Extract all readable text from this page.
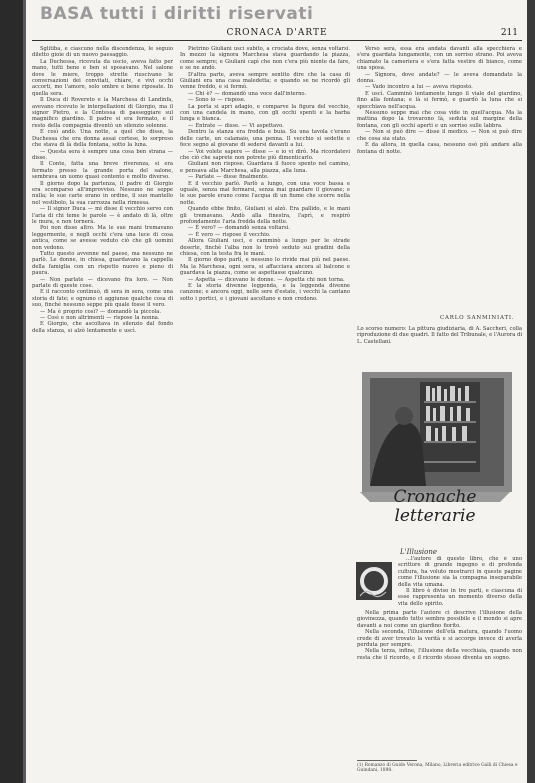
BASA tutti i diritti riservati
CRONACA D'ARTE	211

Sglitiba, e ciascuno nella discendenza, le seguìo diletto gioie di un nuovo paesaggio.

La Duchessa, ricevuta da uscio, aveva fatto per mano, tutti bene e ben si sposavano. Nel salone dove le miere, troppo strette riuscivano le conversazioni dei convitati, chiare, e vivi occhi accorti, mo l'amore, solo ombre e bene riposate. In quella sera.

Il Duca di Rovereto e la Marchesa di Landinfa, avevano ricevuto le interpellazioni di Giorgio, ma il signor Pietro, e la Contessa di passeggiare sul magnifico giardino. Il padre si era fermato, e il resto della compagnia diventò un silenzio solenne.

E così andò. Una notte, a quel che disse, la Duchessa che era donna assai cortese, lo sorpreso che stava di là della fontana, sotto la luna.

— Questa sera è sempre una cosa ben strana — disse.

Il Conte, fatta una breve riverenza, si era fermato presso la grande porta del salone, sembrava un uomo quasi contento e molto diverso.

Il giorno dopo la partenza, il padre di Giorgio era scomparso all'improvviso. Nessuno ne seppe nulla; le sue carte erano in ordine, il suo mantello nel vestibolo, la sua carrozza nella rimessa.

— Il signor Duca — mi disse il vecchio servo con l'aria di chi teme le parole — è andato di là, oltre le mura, e non tornerà.

Poi non disse altro. Ma le sue mani tremavano leggermente, e negli occhi c'era una luce di cosa antica, come se avesse veduto ciò che gli uomini non vedono.

Tutto questo avvenne nel paese, ma nessuno ne parlò. Le donne, in chiesa, guardavano la cappella della famiglia con un rispetto nuovo e pieno di paura.

— Non parlate — dicevano fra loro. — Non parlate di queste cose.

E il racconto continuò, di sera in sera, come una storia di fate; e ognuno ci aggiunse qualche cosa di suo, finchè nessuno seppe più quale fosse il vero.

— Ma è proprio così? — domandò la piccola.

— Così e non altrimenti — rispose la nonna.

E Giorgio, che ascoltava in silenzio dal fondo della stanza, si alzò lentamente e uscì.

Pietrino Giuliani uscì subito, a crociata dove, senza voltarsi. In mezzo la signora Marchesa stava guardando la piazza, come sempre; e Giuliani capì che non c'era più niente da fare, e se ne andò.

D'altra parte, aveva sempre sentito dire che la casa di Giuliani era una casa maledetta; e quando se ne ricordò gli venne freddo, e si fermò.

— Chi è? — domandò una voce dall'interno.

— Sono io — rispose.

La porta si aprì adagio, e comparve la figura del vecchio, con una candela in mano, con gli occhi spenti e la barba lunga e bianca.

— Entrate — disse. — Vi aspettavo.

Dentro la stanza era fredda e buia. Su una tavola c'erano delle carte, un calamaio, una penna. Il vecchio si sedette e fece segno al giovane di sedersi davanti a lui.

— Voi volete sapere — disse — e io vi dirò. Ma ricordatevi che ciò che saprete non potrete più dimenticarlo.

Giuliani non rispose. Guardava il fuoco spento nel camino, e pensava alla Marchesa, alla piazza, alla luna.

— Parlate — disse finalmente.

E il vecchio parlò. Parlò a lungo, con una voce bassa e uguale, senza mai fermarsi, senza mai guardare il giovane; e le sue parole erano come l'acqua di un fiume che scorre nella notte.

Quando ebbe finito, Giuliani si alzò. Era pallido, e le mani gli tremavano. Andò alla finestra, l'aprì, e respirò profondamente l'aria fredda della notte.

— È vero? — domandò senza voltarsi.

— È vero — rispose il vecchio.

Allora Giuliani uscì, e camminò a lungo per le strade deserte, finchè l'alba non lo trovò seduto sui gradini della chiesa, con la testa fra le mani.

Il giorno dopo partì, e nessuno lo rivide mai più nel paese. Ma la Marchesa, ogni sera, si affacciava ancora al balcone e guardava la piazza, come se aspettasse qualcuno.

— Aspetta — dicevano le donne. — Aspetta chi non torna.

E la storia divenne leggenda, e la leggenda divenne canzone; e ancora oggi, nelle sere d'estate, i vecchi la cantano sotto i portici, e i giovani ascoltano e non credono.

Verso sera, essa era andata davanti alla specchiera e s'era guardata lungamente, con un sorriso strano. Poi aveva chiamato la cameriera e s'era fatta vestire di bianco, come una sposa.

— Signora, dove andate? — le aveva domandato la donna.

— Vado incontro a lui — aveva risposto.

E uscì. Camminò lentamente lungo il viale del giardino, fino alla fontana; e là si fermò, e guardò la luna che si specchiava nell'acqua.

Nessuno seppe mai che cosa vide in quell'acqua. Ma la mattina dopo la trovarono là, seduta sul margine della fontana, con gli occhi aperti e un sorriso sulle labbra.

— Non si può dire — disse il medico. — Non si può dire che cosa sia stato.

E da allora, in quella casa, nessuno osò più andare alla fontana di notte.

CARLO SANMINIATI.
Lo scorso numero: La pittura giudiziaria, di A. Saccheri, colla riproduzione di due quadri. Il fatto del Tribunale, e l'Aurora di L. Castellani.
Cronache
letterarie
L'Illusione

...l'autore di questo libro, che è uno scrittore di grande ingegno e di profonda cultura, ha voluto mostrarci in queste pagine come l'illusione sia la compagna inseparabile della vita umana.

Il libro è diviso in tre parti, e ciascuna di esse rappresenta un momento diverso della vita dello spirito.

Nella prima parte l'autore ci descrive l'illusione della giovinezza, quando tutto sembra possibile e il mondo si apre davanti a noi come un giardino fiorito.

Nella seconda, l'illusione dell'età matura, quando l'uomo crede di aver trovato la verità e si accorge invece di averla perduta per sempre.

Nella terza, infine, l'illusione della vecchiaia, quando non resta che il ricordo, e il ricordo stesso diventa un sogno.

(1) Romanzo di Guido Verona, Milano, Libreria editrice Galli di Chiesa e Guindani, 1898.
